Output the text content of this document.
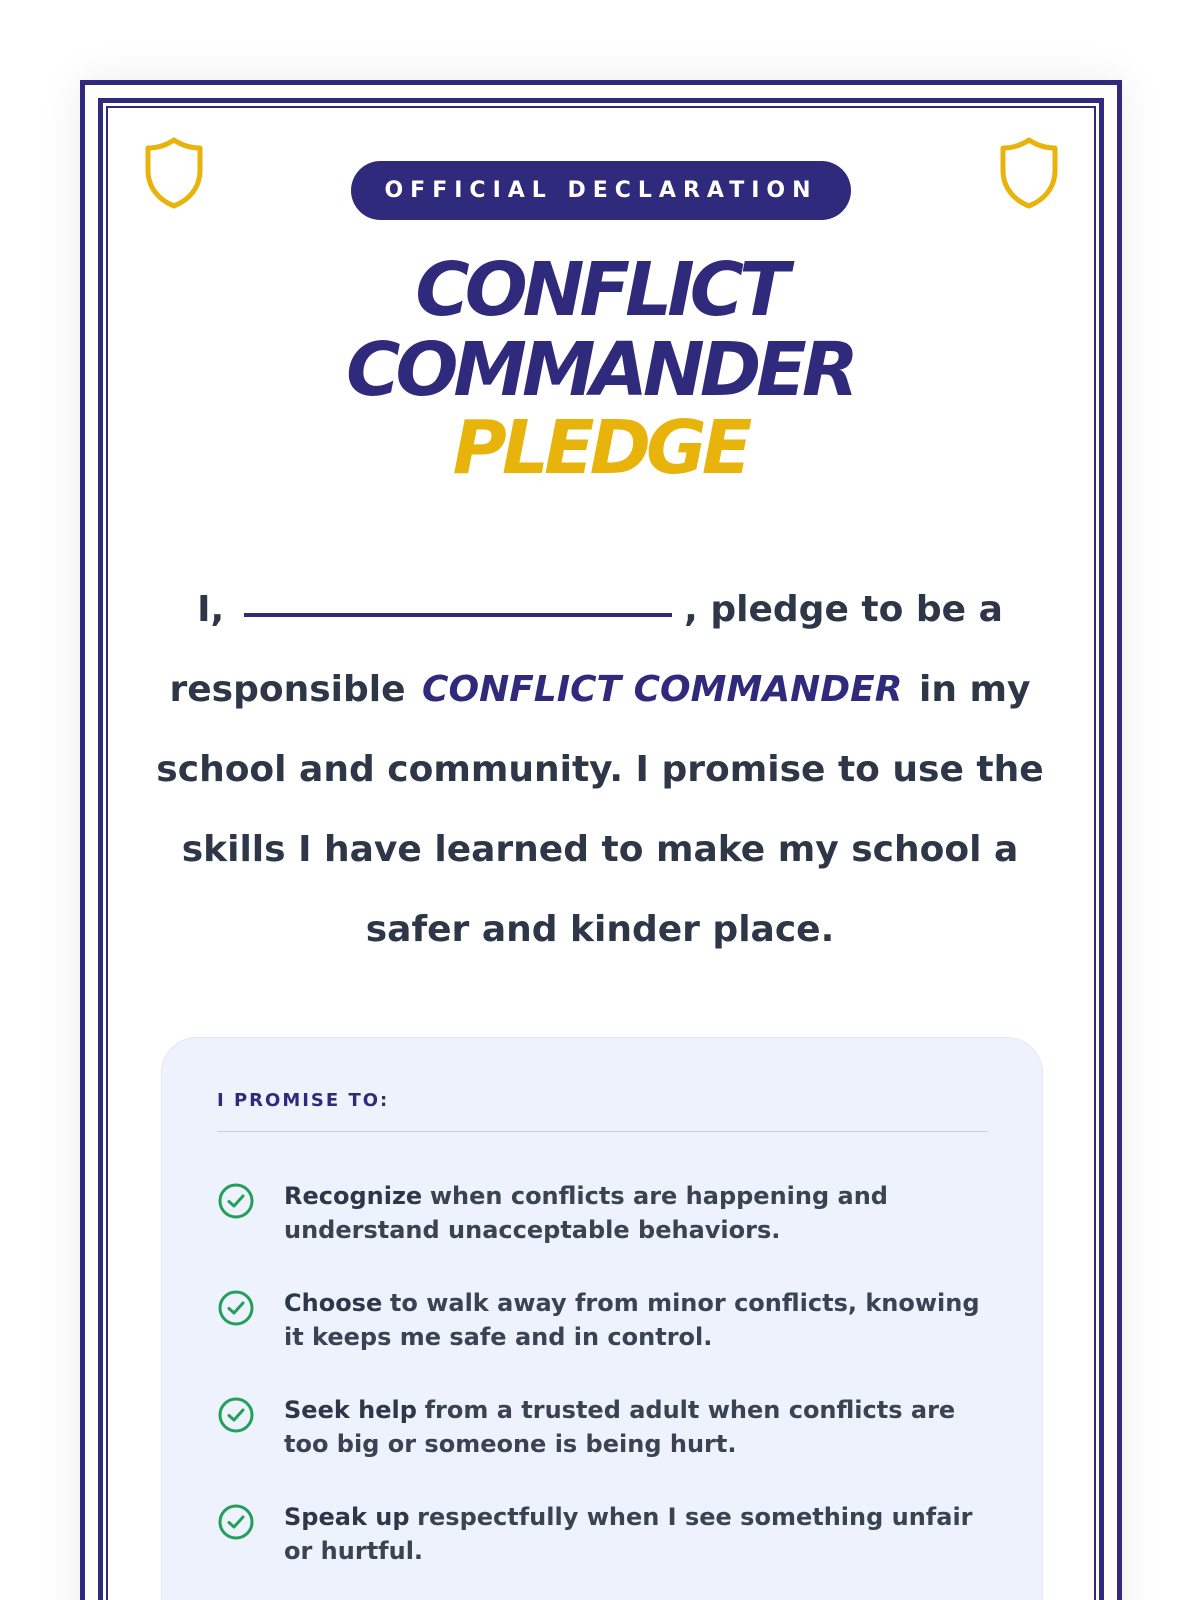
OFFICIAL DECLARATION
CONFLICT
COMMANDER
PLEDGE
I,	, pledge to be a responsible CONFLICT COMMANDER in my school and community. I promise to use the skills I have learned to make my school a safer and kinder place.
I PROMISE TO:
Recognize when conflicts are happening and understand unacceptable behaviors.
Choose to walk away from minor conflicts, knowing it keeps me safe and in control.
Seek help from a trusted adult when conflicts are too big or someone is being hurt.
Speak up respectfully when I see something unfair or hurtful.
